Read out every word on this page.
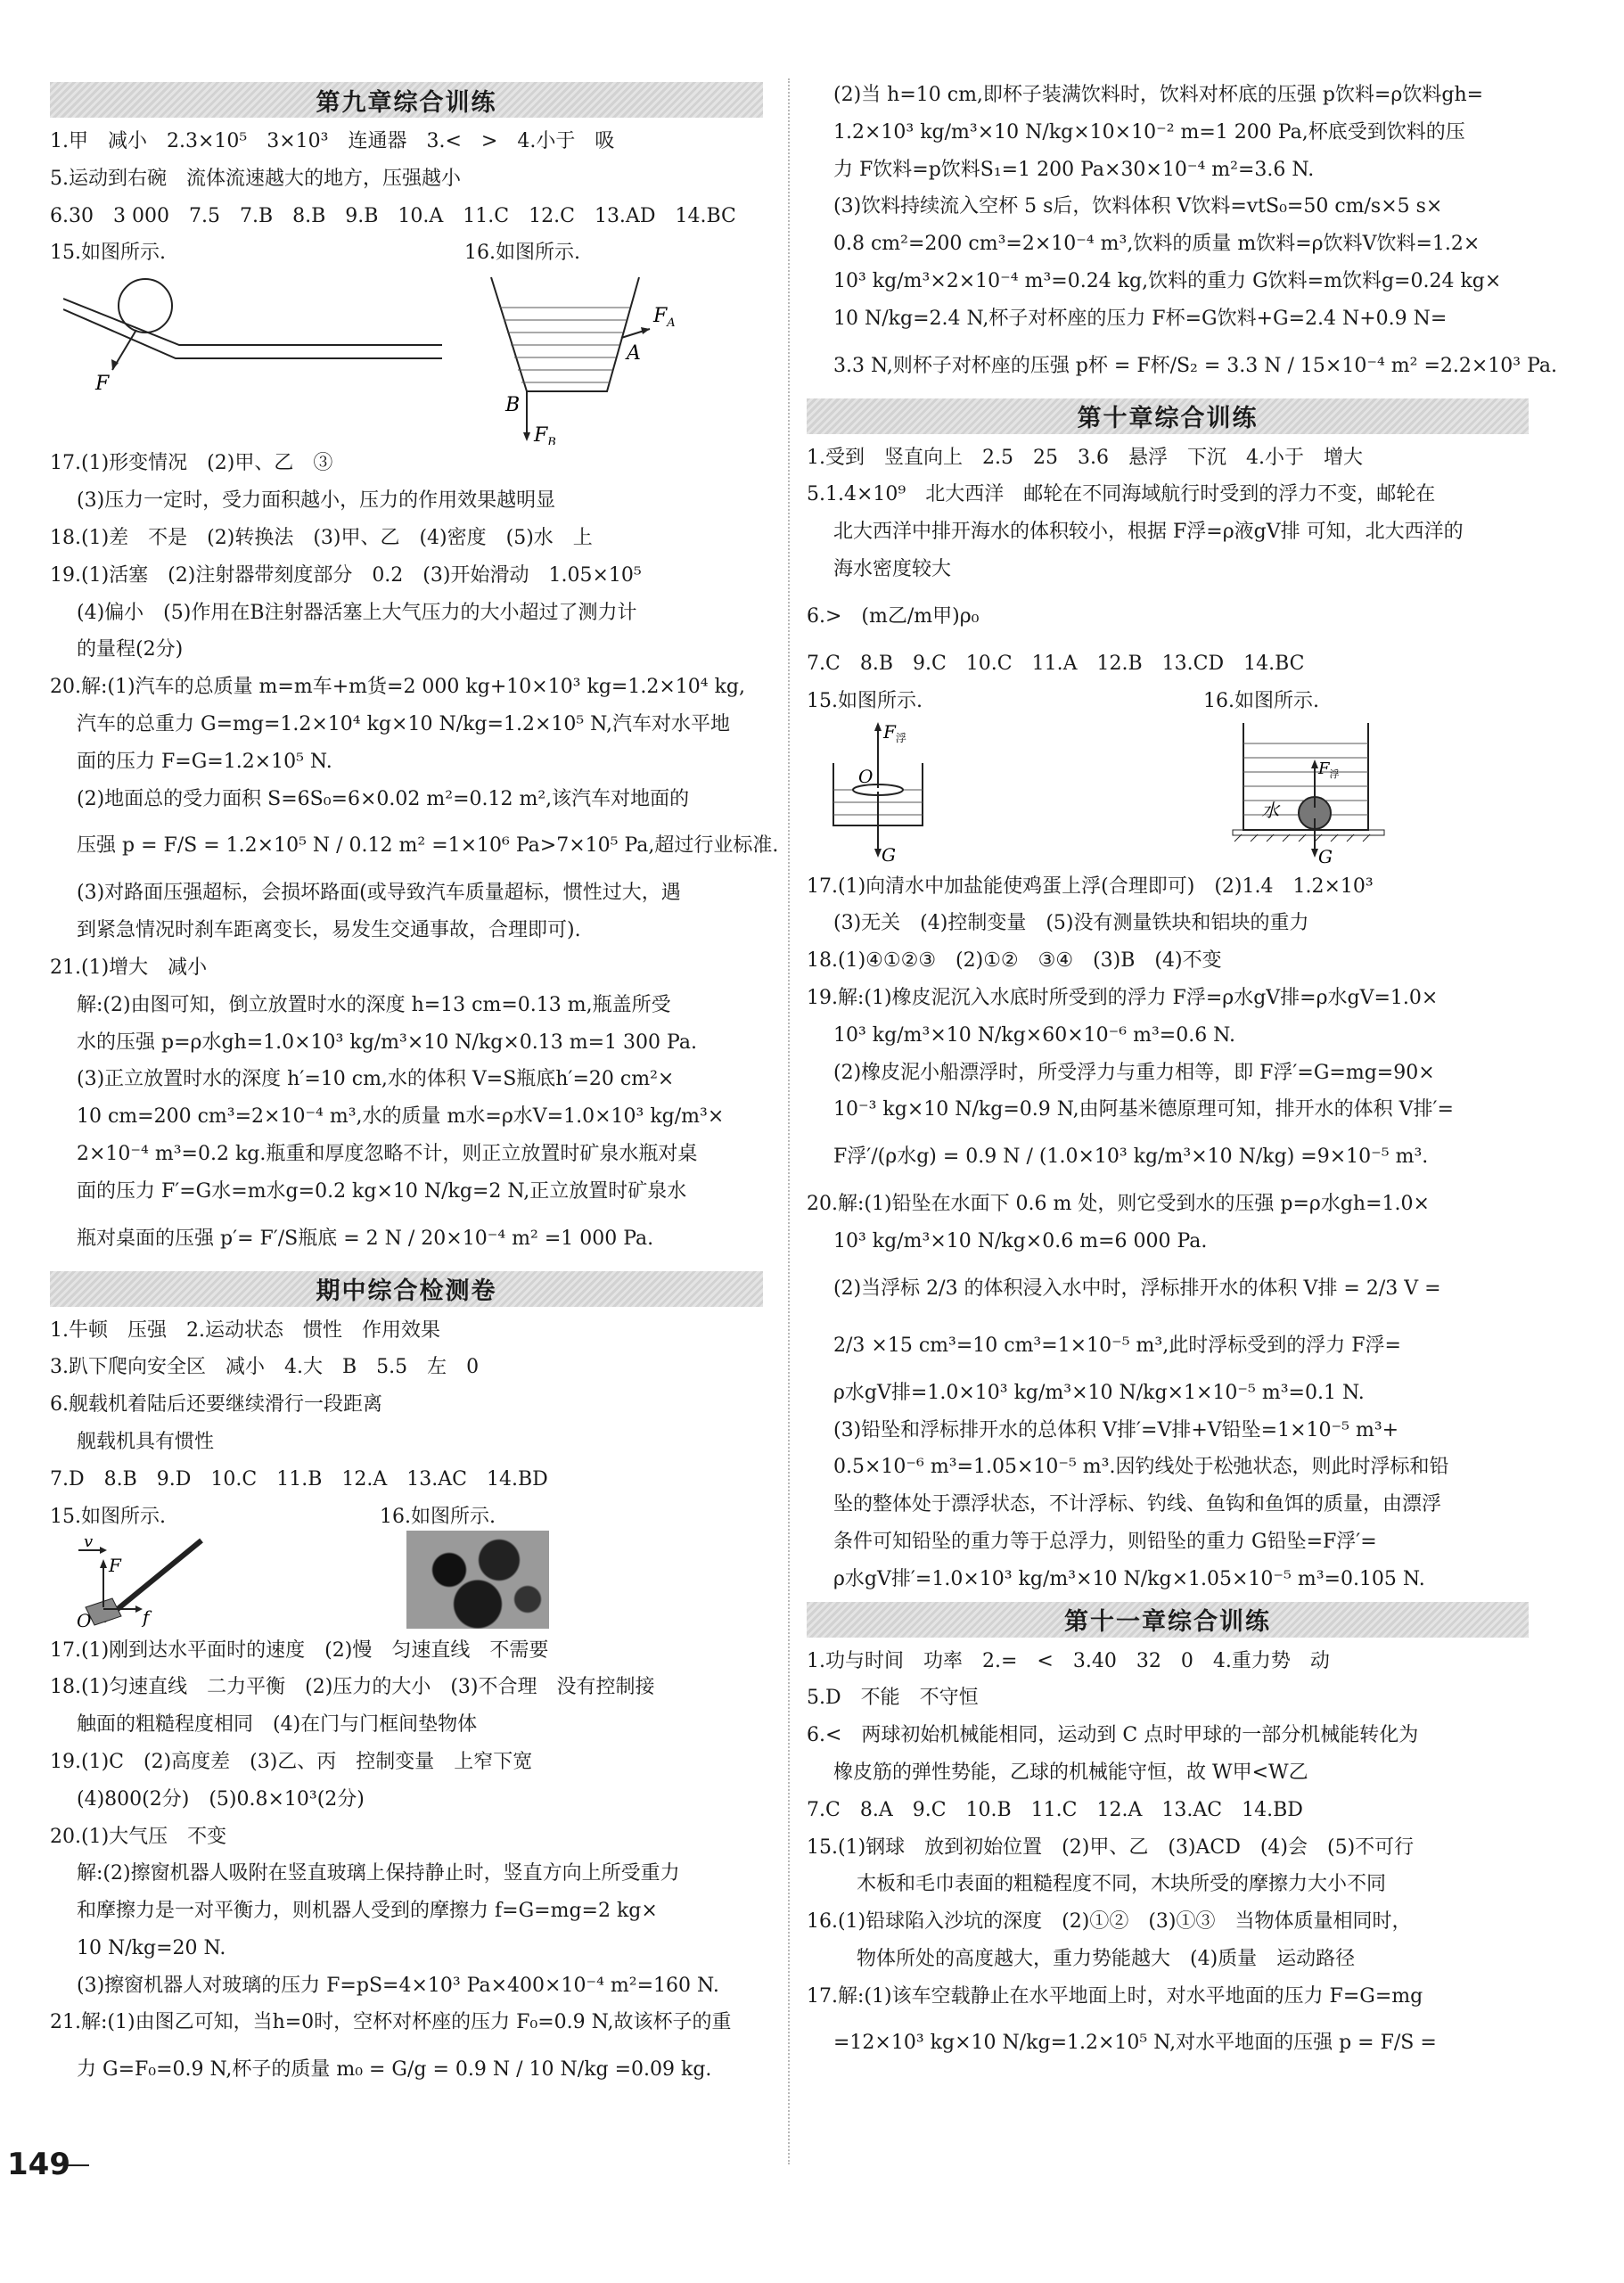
第九章综合训练
1.甲　减小　2.3×10⁵　3×10³　连通器　3.<　>　4.小于　吸
5.运动到右碗　流体流速越大的地方，压强越小
6.30　3 000　7.5　7.B　8.B　9.B　10.A　11.C　12.C　13.AD　14.BC
15.如图所示.	16.如图所示.
F
$F_A$
A
B
$F_B$
17.(1)形变情况　(2)甲、乙　③
(3)压力一定时，受力面积越小，压力的作用效果越明显
18.(1)差　不是　(2)转换法　(3)甲、乙　(4)密度　(5)水　上
19.(1)活塞　(2)注射器带刻度部分　0.2　(3)开始滑动　1.05×10⁵
(4)偏小　(5)作用在B注射器活塞上大气压力的大小超过了测力计
的量程(2分)
20.解:(1)汽车的总质量 m=m车+m货=2 000 kg+10×10³ kg=1.2×10⁴ kg,
汽车的总重力 G=mg=1.2×10⁴ kg×10 N/kg=1.2×10⁵ N,汽车对水平地
面的压力 F=G=1.2×10⁵ N.
(2)地面总的受力面积 S=6S₀=6×0.02 m²=0.12 m²,该汽车对地面的
压强 p = F/S = 1.2×10⁵ N / 0.12 m² =1×10⁶ Pa>7×10⁵ Pa,超过行业标准.
(3)对路面压强超标，会损坏路面(或导致汽车质量超标，惯性过大，遇
到紧急情况时刹车距离变长，易发生交通事故，合理即可).
21.(1)增大　减小
解:(2)由图可知，倒立放置时水的深度 h=13 cm=0.13 m,瓶盖所受
水的压强 p=ρ水gh=1.0×10³ kg/m³×10 N/kg×0.13 m=1 300 Pa.
(3)正立放置时水的深度 h′=10 cm,水的体积 V=S瓶底h′=20 cm²×
10 cm=200 cm³=2×10⁻⁴ m³,水的质量 m水=ρ水V=1.0×10³ kg/m³×
2×10⁻⁴ m³=0.2 kg.瓶重和厚度忽略不计，则正立放置时矿泉水瓶对桌
面的压力 F′=G水=m水g=0.2 kg×10 N/kg=2 N,正立放置时矿泉水
瓶对桌面的压强 p′= F′/S瓶底 = 2 N / 20×10⁻⁴ m² =1 000 Pa.
期中综合检测卷
1.牛顿　压强　2.运动状态　惯性　作用效果
3.趴下爬向安全区　减小　4.大　B　5.5　左　0
6.舰载机着陆后还要继续滑行一段距离
舰载机具有惯性
7.D　8.B　9.D　10.C　11.B　12.A　13.AC　14.BD
15.如图所示.	16.如图所示.
v
F
f
O
17.(1)刚到达水平面时的速度　(2)慢　匀速直线　不需要
18.(1)匀速直线　二力平衡　(2)压力的大小　(3)不合理　没有控制接
触面的粗糙程度相同　(4)在门与门框间垫物体
19.(1)C　(2)高度差　(3)乙、丙　控制变量　上窄下宽
(4)800(2分)　(5)0.8×10³(2分)
20.(1)大气压　不变
解:(2)擦窗机器人吸附在竖直玻璃上保持静止时，竖直方向上所受重力
和摩擦力是一对平衡力，则机器人受到的摩擦力 f=G=mg=2 kg×
10 N/kg=20 N.
(3)擦窗机器人对玻璃的压力 F=pS=4×10³ Pa×400×10⁻⁴ m²=160 N.
21.解:(1)由图乙可知，当h=0时，空杯对杯座的压力 F₀=0.9 N,故该杯子的重
力 G=F₀=0.9 N,杯子的质量 m₀ = G/g = 0.9 N / 10 N/kg =0.09 kg.
(2)当 h=10 cm,即杯子装满饮料时，饮料对杯底的压强 p饮料=ρ饮料gh=
1.2×10³ kg/m³×10 N/kg×10×10⁻² m=1 200 Pa,杯底受到饮料的压
力 F饮料=p饮料S₁=1 200 Pa×30×10⁻⁴ m²=3.6 N.
(3)饮料持续流入空杯 5 s后，饮料体积 V饮料=vtS₀=50 cm/s×5 s×
0.8 cm²=200 cm³=2×10⁻⁴ m³,饮料的质量 m饮料=ρ饮料V饮料=1.2×
10³ kg/m³×2×10⁻⁴ m³=0.24 kg,饮料的重力 G饮料=m饮料g=0.24 kg×
10 N/kg=2.4 N,杯子对杯座的压力 F杯=G饮料+G=2.4 N+0.9 N=
3.3 N,则杯子对杯座的压强 p杯 = F杯/S₂ = 3.3 N / 15×10⁻⁴ m² =2.2×10³ Pa.
第十章综合训练
1.受到　竖直向上　2.5　25　3.6　悬浮　下沉　4.小于　增大
5.1.4×10⁹　北大西洋　邮轮在不同海域航行时受到的浮力不变，邮轮在
北大西洋中排开海水的体积较小，根据 F浮=ρ液gV排 可知，北大西洋的
海水密度较大
6.>　(m乙/m甲)ρ₀
7.C　8.B　9.C　10.C　11.A　12.B　13.CD　14.BC
15.如图所示.	16.如图所示.
$F_浮$
O
G
水
$F_浮$
G
17.(1)向清水中加盐能使鸡蛋上浮(合理即可)　(2)1.4　1.2×10³
(3)无关　(4)控制变量　(5)没有测量铁块和铝块的重力
18.(1)④①②③　(2)①②　③④　(3)B　(4)不变
19.解:(1)橡皮泥沉入水底时所受到的浮力 F浮=ρ水gV排=ρ水gV=1.0×
10³ kg/m³×10 N/kg×60×10⁻⁶ m³=0.6 N.
(2)橡皮泥小船漂浮时，所受浮力与重力相等，即 F浮′=G=mg=90×
10⁻³ kg×10 N/kg=0.9 N,由阿基米德原理可知，排开水的体积 V排′=
F浮′/(ρ水g) = 0.9 N / (1.0×10³ kg/m³×10 N/kg) =9×10⁻⁵ m³.
20.解:(1)铅坠在水面下 0.6 m 处，则它受到水的压强 p=ρ水gh=1.0×
10³ kg/m³×10 N/kg×0.6 m=6 000 Pa.
(2)当浮标 2/3 的体积浸入水中时，浮标排开水的体积 V排 = 2/3 V =
2/3 ×15 cm³=10 cm³=1×10⁻⁵ m³,此时浮标受到的浮力 F浮=
ρ水gV排=1.0×10³ kg/m³×10 N/kg×1×10⁻⁵ m³=0.1 N.
(3)铅坠和浮标排开水的总体积 V排′=V排+V铅坠=1×10⁻⁵ m³+
0.5×10⁻⁶ m³=1.05×10⁻⁵ m³.因钓线处于松弛状态，则此时浮标和铅
坠的整体处于漂浮状态，不计浮标、钓线、鱼钩和鱼饵的质量，由漂浮
条件可知铅坠的重力等于总浮力，则铅坠的重力 G铅坠=F浮′=
ρ水gV排′=1.0×10³ kg/m³×10 N/kg×1.05×10⁻⁵ m³=0.105 N.
第十一章综合训练
1.功与时间　功率　2.=　<　3.40　32　0　4.重力势　动
5.D　不能　不守恒
6.<　两球初始机械能相同，运动到 C 点时甲球的一部分机械能转化为
橡皮筋的弹性势能，乙球的机械能守恒，故 W甲<W乙
7.C　8.A　9.C　10.B　11.C　12.A　13.AC　14.BD
15.(1)钢球　放到初始位置　(2)甲、乙　(3)ACD　(4)会　(5)不可行
木板和毛巾表面的粗糙程度不同，木块所受的摩擦力大小不同
16.(1)铅球陷入沙坑的深度　(2)①②　(3)①③　当物体质量相同时，
物体所处的高度越大，重力势能越大　(4)质量　运动路径
17.解:(1)该车空载静止在水平地面上时，对水平地面的压力 F=G=mg
=12×10³ kg×10 N/kg=1.2×10⁵ N,对水平地面的压强 p = F/S =
149
